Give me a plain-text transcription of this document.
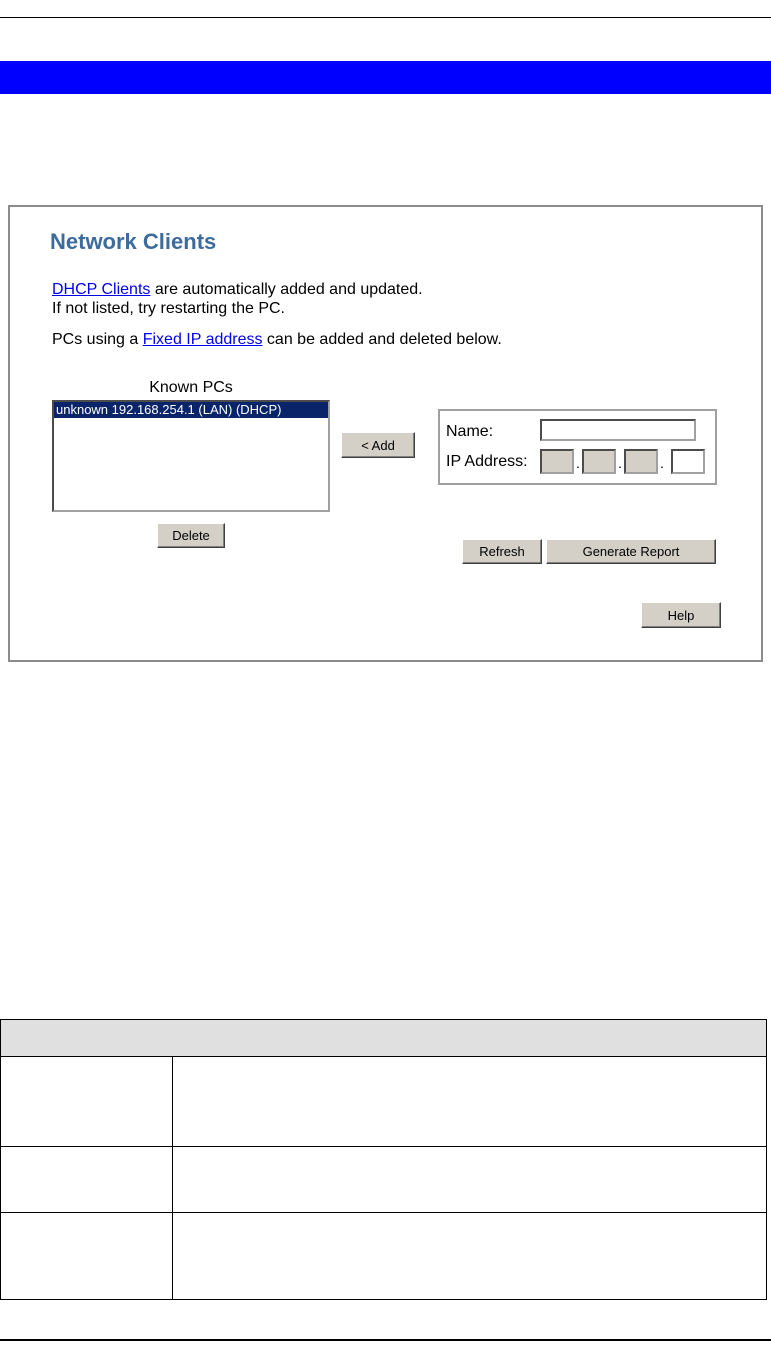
Network Clients
DHCP Clients are automatically added and updated.
If not listed, try restarting the PC.
PCs using a Fixed IP address can be added and deleted below.
Known PCs
unknown 192.168.254.1 (LAN) (DHCP)
< Add
Delete
Name:
IP Address:	.	.	.
Refresh	Generate Report
Help
